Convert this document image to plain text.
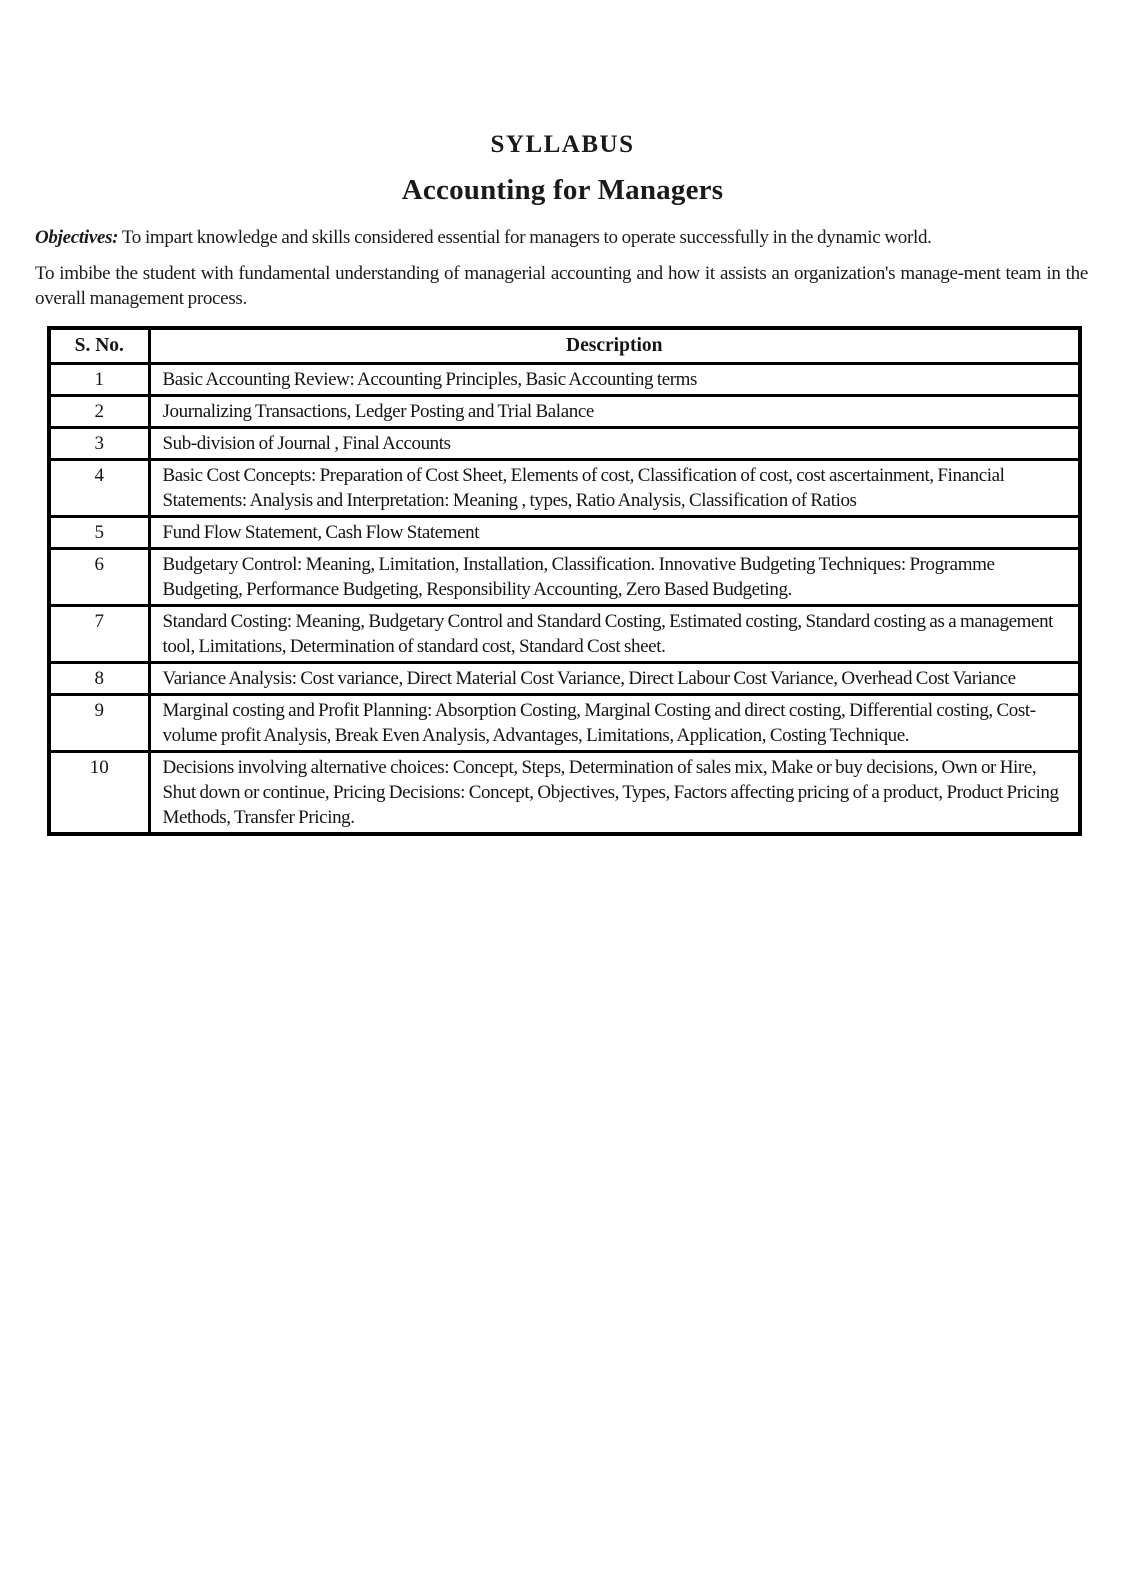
SYLLABUS
Accounting for Managers

Objectives: To impart knowledge and skills considered essential for managers to operate successfully in the dynamic world.

To imbibe the student with fundamental understanding of managerial accounting and how it assists an organization's manage-ment team in the overall management process.

S. No.	Description
1	Basic Accounting Review: Accounting Principles, Basic Accounting terms
2	Journalizing Transactions, Ledger Posting and Trial Balance
3	Sub-division of Journal , Final Accounts
4	Basic Cost Concepts: Preparation of Cost Sheet, Elements of cost, Classification of cost, cost ascertainment, Financial Statements: Analysis and Interpretation: Meaning , types, Ratio Analysis, Classification of Ratios
5	Fund Flow Statement, Cash Flow Statement
6	Budgetary Control: Meaning, Limitation, Installation, Classification. Innovative Budgeting Techniques: Programme Budgeting, Performance Budgeting, Responsibility Accounting, Zero Based Budgeting.
7	Standard Costing: Meaning, Budgetary Control and Standard Costing, Estimated costing, Standard costing as a management tool, Limitations, Determination of standard cost, Standard Cost sheet.
8	Variance Analysis: Cost variance, Direct Material Cost Variance, Direct Labour Cost Variance, Overhead Cost Variance
9	Marginal costing and Profit Planning: Absorption Costing, Marginal Costing and direct costing, Differential costing, Cost-volume profit Analysis, Break Even Analysis, Advantages, Limitations, Application, Costing Technique.
10	Decisions involving alternative choices: Concept, Steps, Determination of sales mix, Make or buy decisions, Own or Hire, Shut down or continue, Pricing Decisions: Concept, Objectives, Types, Factors affecting pricing of a product, Product Pricing Methods, Transfer Pricing.
